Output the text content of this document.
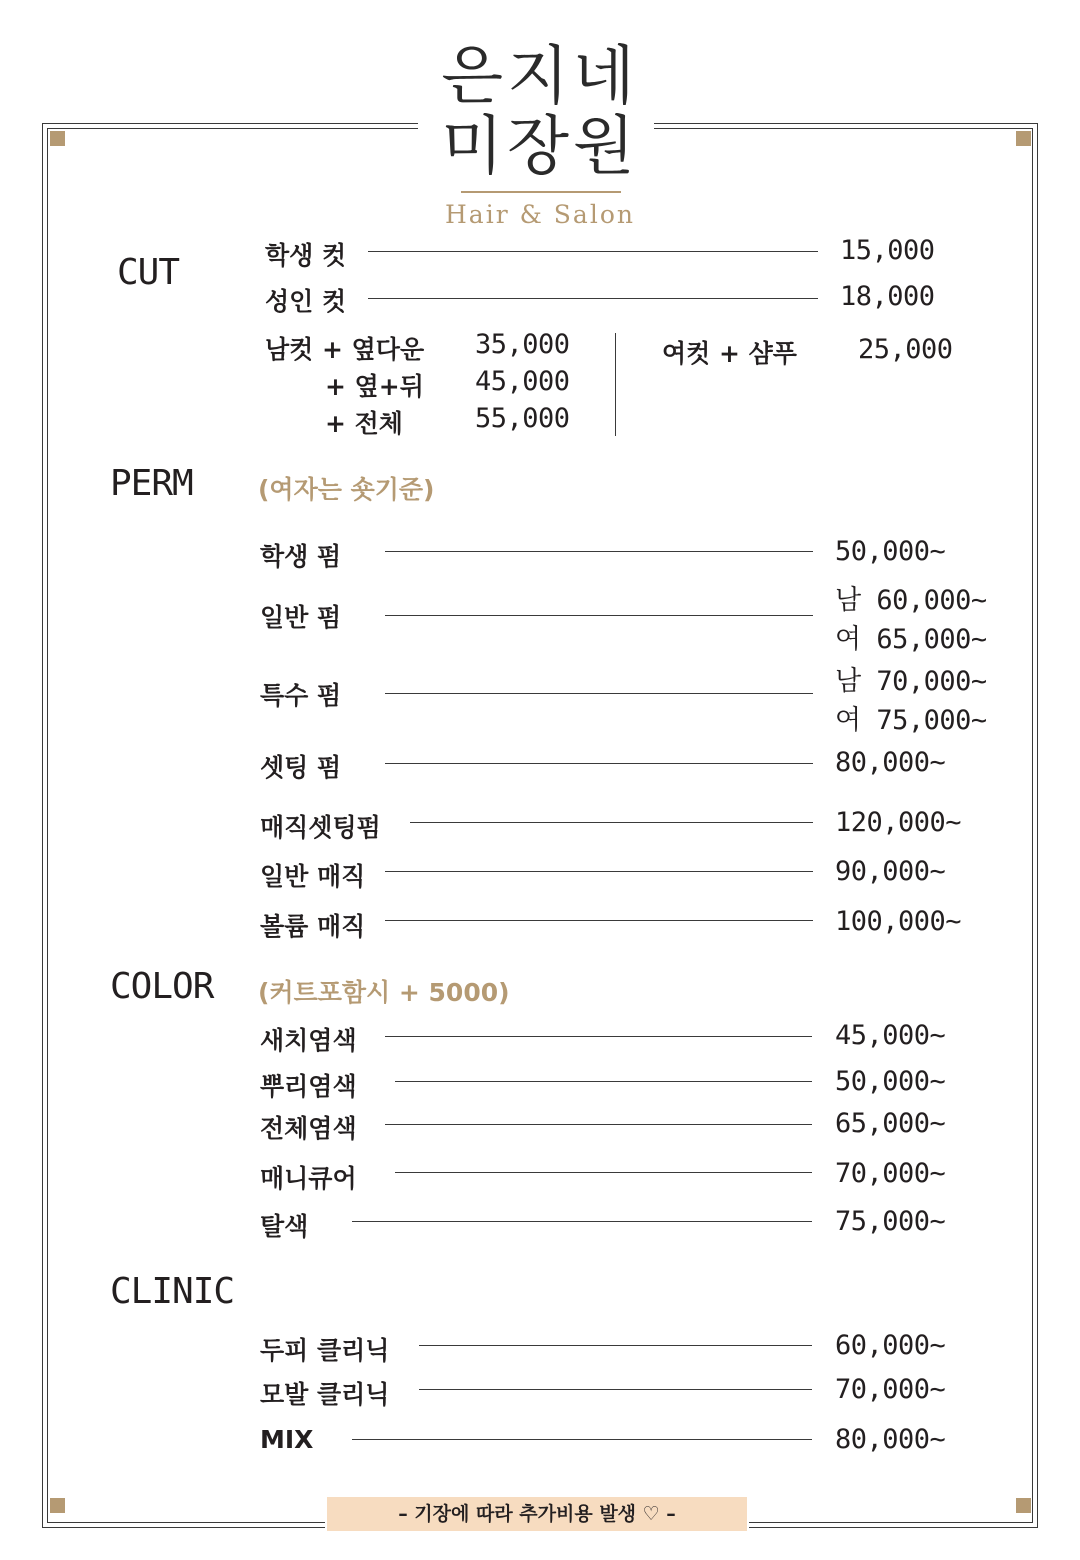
은지네
미장원
Hair & Salon
CUT	학생 컷	15,000
성인 컷	18,000
남컷 + 옆다운 35,000
+ 옆+뒤 45,000
+ 전체	55,000
여컷 + 샴푸 25,000
PERM	(여자는 숏기준)
학생 펌	50,000~
일반 펌
남 60,000~
여 65,000~
특수 펌	남 70,000~
여 75,000~
셋팅 펌	80,000~
매직셋팅펌	120,000~
일반 매직	90,000~
볼륨 매직	100,000~
COLOR (커트포함시 + 5000)
새치염색	45,000~
뿌리염색	50,000~
전체염색	65,000~
매니큐어	70,000~
탈색	75,000~
CLINIC
두피 클리닉	60,000~
모발 클리닉	70,000~
MIX	80,000~
– 기장에 따라 추가비용 발생 ♡ –
